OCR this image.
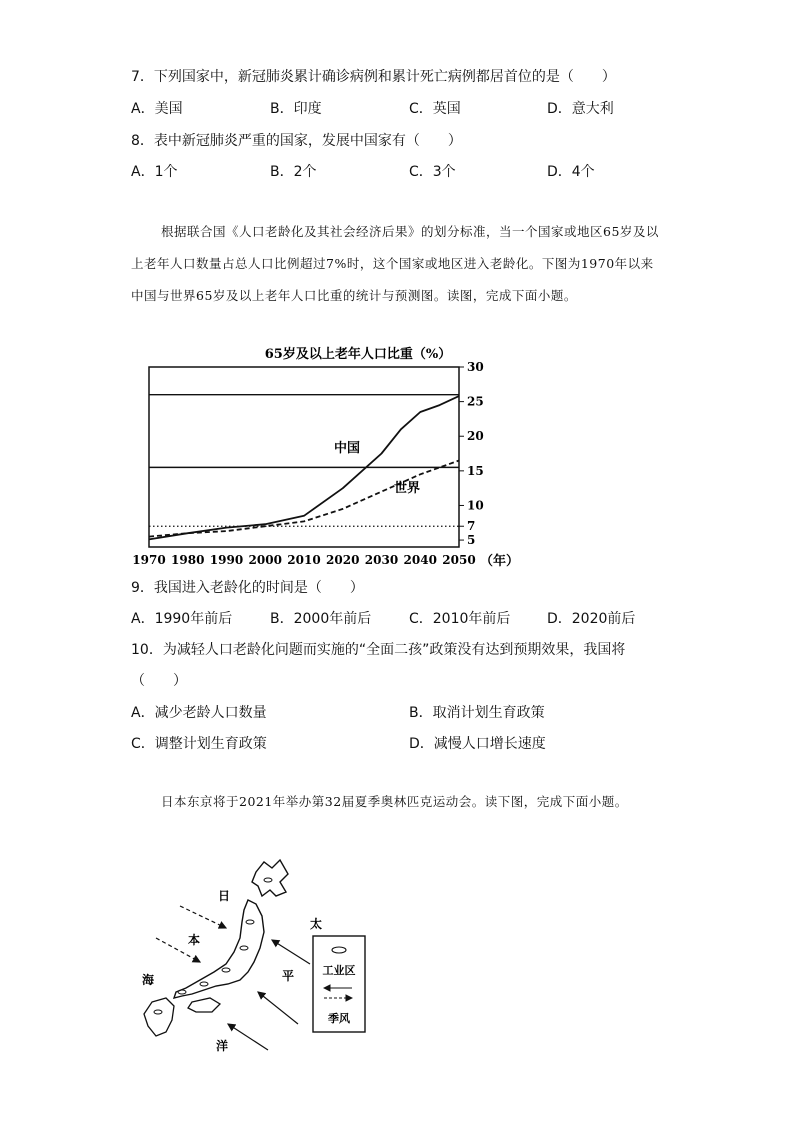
7．下列国家中，新冠肺炎累计确诊病例和累计死亡病例都居首位的是（　　）
A．美国	B．印度	C．英国	D．意大利
8．表中新冠肺炎严重的国家，发展中国家有（　　）
A．1个	B．2个	C．3个	D．4个

根据联合国《人口老龄化及其社会经济后果》的划分标准，当一个国家或地区65岁及以上老年人口数量占总人口比例超过7%时，这个国家或地区进入老龄化。下图为1970年以来中国与世界65岁及以上老年人口比重的统计与预测图。读图，完成下面小题。

65岁及以上老年人口比重（%）
5
7
10
15
20
25
30
1970 1980 1990 2000 2010 2020 2030 2040 2050
中国
世界
（年）
9．我国进入老龄化的时间是（　　）
A．1990年前后	B．2000年前后	C．2010年前后	D．2020前后
10．为减轻人口老龄化问题而实施的“全面二孩”政策没有达到预期效果，我国将
（　　）
A．减少老龄人口数量	B．取消计划生育政策
C．调整计划生育政策	D．减慢人口增长速度

日本东京将于2021年举办第32届夏季奥林匹克运动会。读下图，完成下面小题。

日
本
海
太
平
洋
工业区
季风
